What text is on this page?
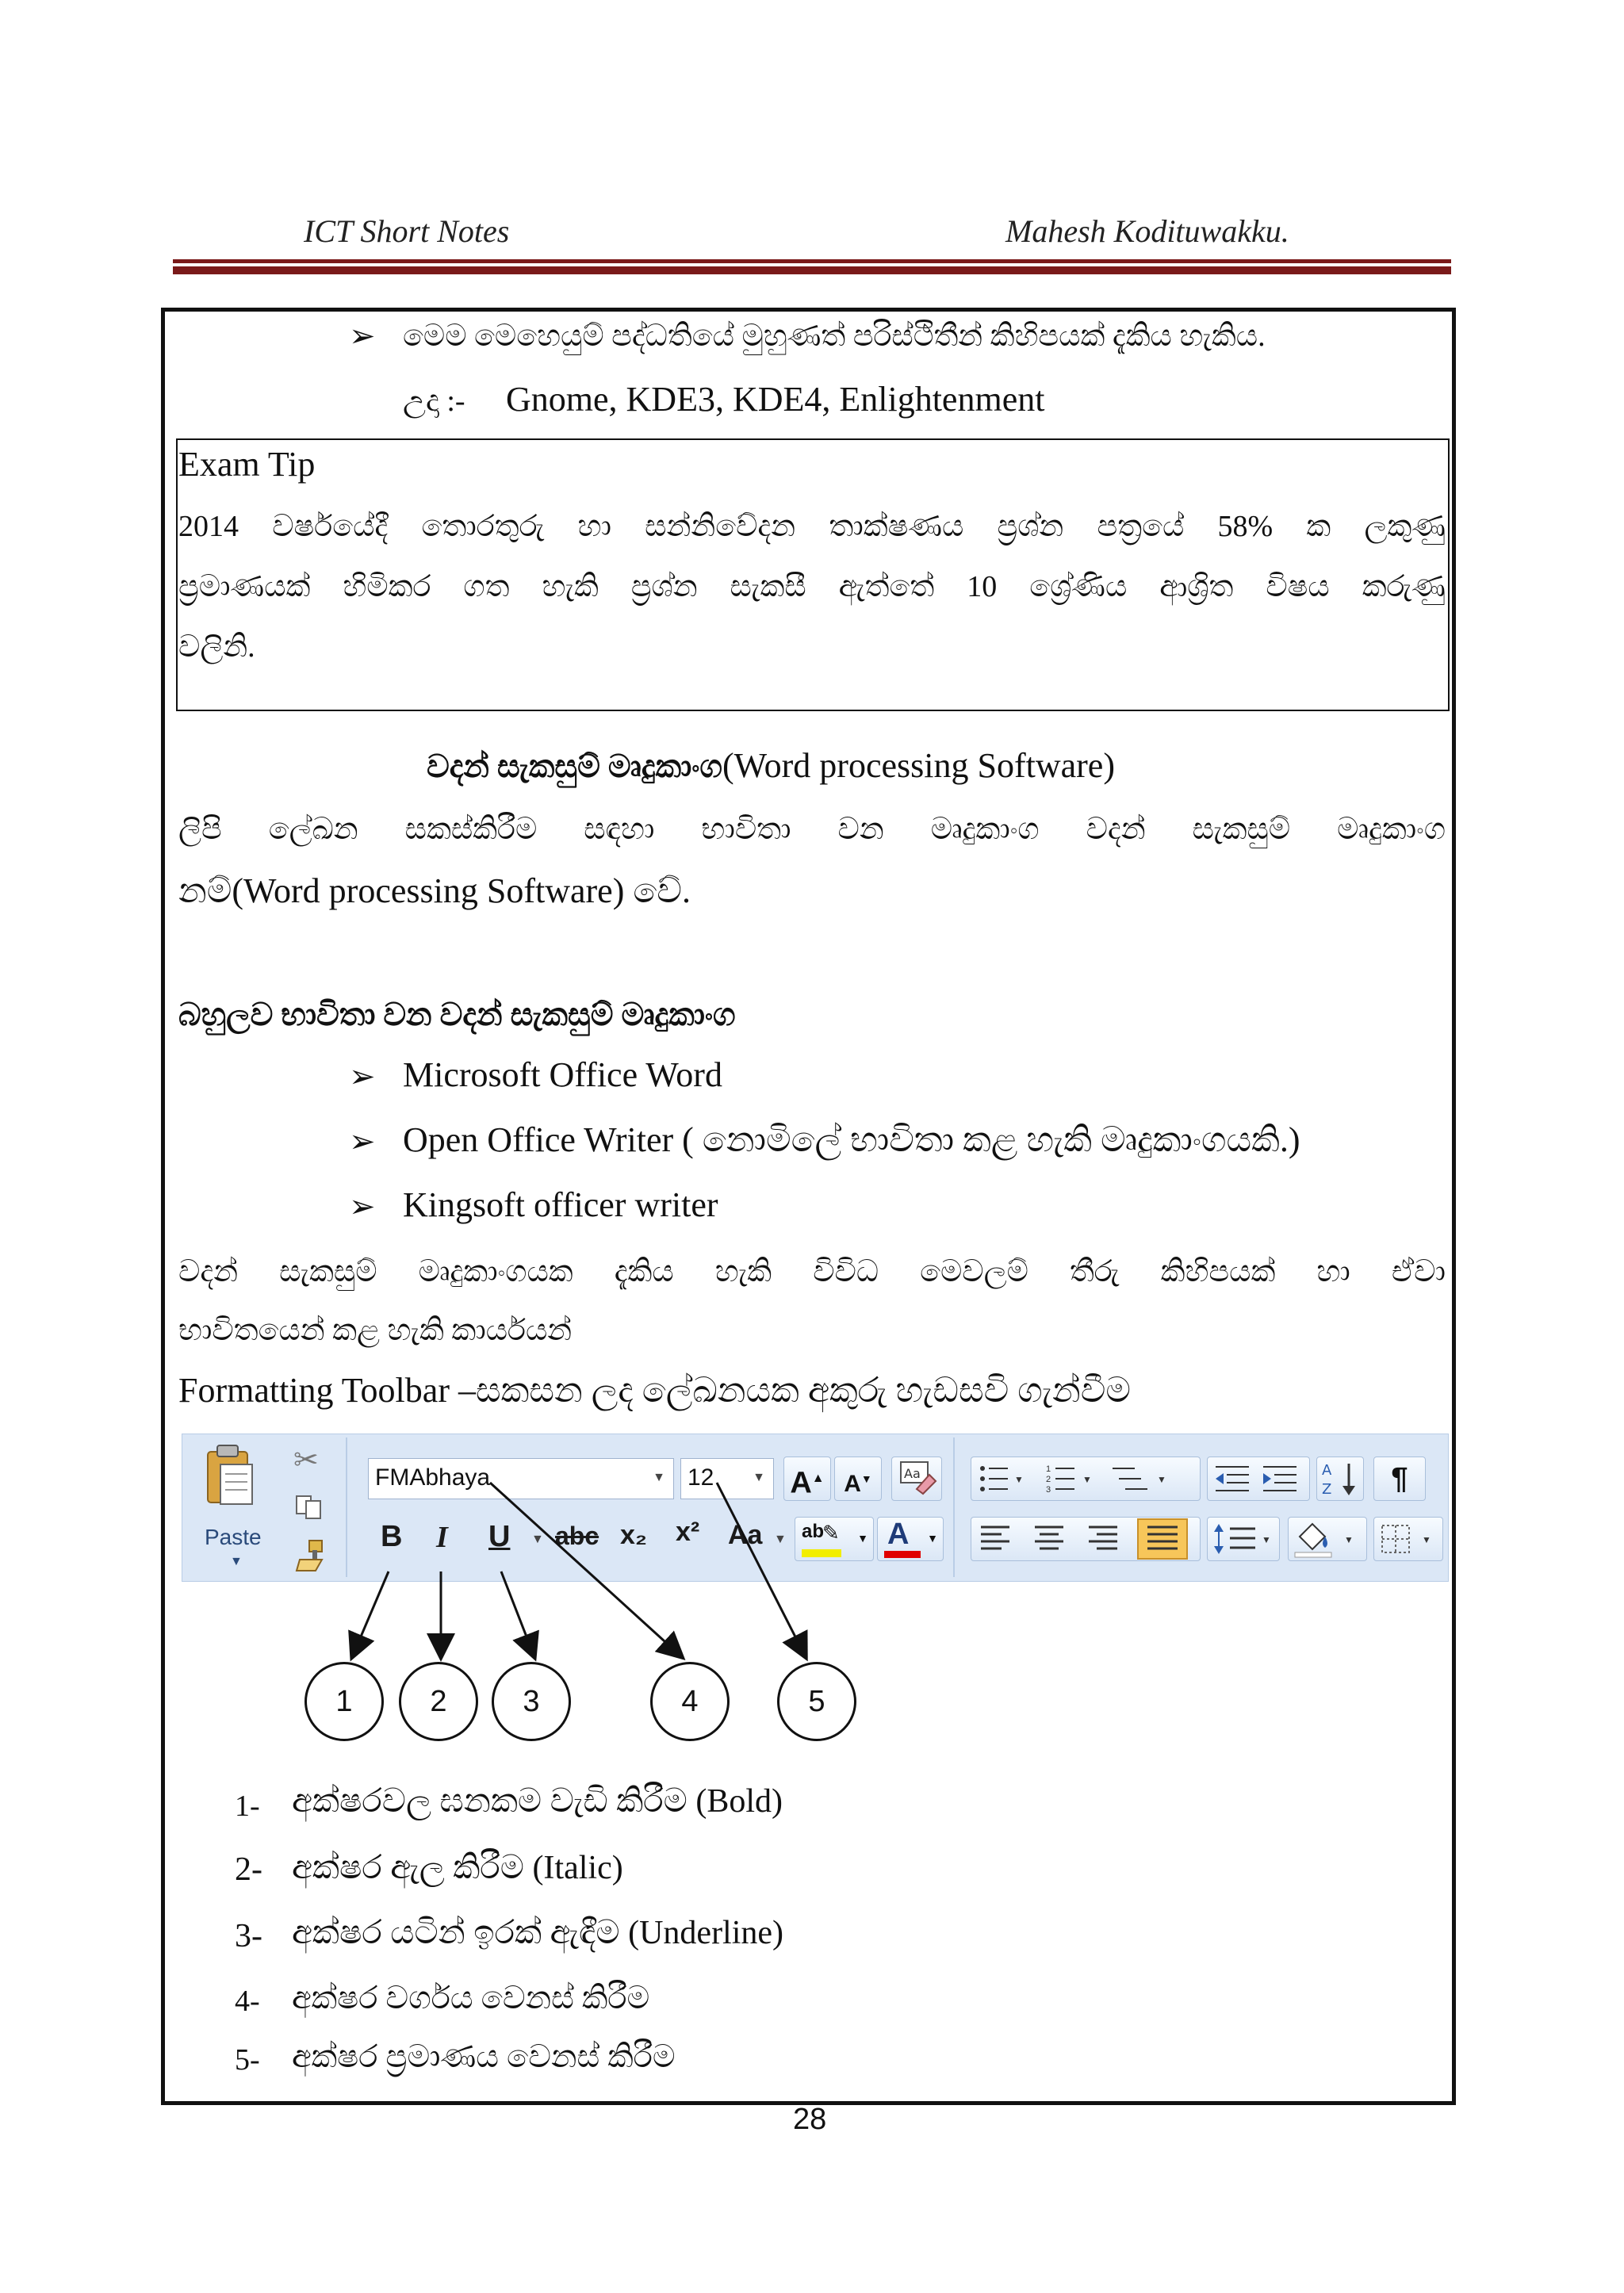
ICT Short Notes	Mahesh Kodituwakku.
➢ මෙම මෙහෙයුම් පද්ධතියේ මුහුණත් පරිස්ථිතීන් කිහිපයක් දැකිය හැකිය.
උදා :- Gnome, KDE3, KDE4, Enlightenment
Exam Tip
2014 වර්ෂයේදී තොරතුරු හා සන්නිවේදන තාක්ෂණය ප්‍රශ්න පත්‍රයේ 58% ක ලකුණු
ප්‍රමාණයක් හිමිකර ගත හැකි ප්‍රශ්න සැකසී ඇත්තේ 10 ශ්‍රේණිය ආශ්‍රිත විෂය කරුණු
වලිනි.
වදන් සැකසුම් මෘදුකාංග(Word processing Software)
ලිපි ලේඛන සකස්කිරීම සඳහා භාවිතා වන මෘදුකාංග වදන් සැකසුම් මෘදුකාංග
නම්(Word processing Software) වේ.
බහුලව භාවිතා වන වදන් සැකසුම් මෘදුකාංග
➢ Microsoft Office Word
➢ Open Office Writer ( නොමිලේ භාවිතා කළ හැකි මෘදුකාංගයකි.)
➢ Kingsoft officer writer
වදන් සැකසුම් මෘදුකාංගයක දැකිය හැකි විවිධ මෙවලම් තීරු කිහිපයක් හා ඒවා
භාවිතයෙන් කළ හැකි කාර්යයන්
Formatting Toolbar –සකසන ලද ලේඛනයක අකුරු හැඩසවි ගැන්වීම
Paste
▼
✂
FMAbhaya	▼ 12	▼ A▲ A▼	Aa
B I U ▼ abc x₂ x² Aa ▼ ab
✎ ▼ A ▼
▼
1
2
3
▼	▼
A
Z	¶
▼	▼	▼
1	2	3	4	5
1- අක්ෂරවල ඝනකම වැඩි කිරීම (Bold)
2- අක්ෂර ඇල කිරීම (Italic)
3- අක්ෂර යටින් ඉරක් ඇඳීම (Underline)
4- අක්ෂර වර්ගය වෙනස් කිරීම
5- අක්ෂර ප්‍රමාණය වෙනස් කිරීම
28
